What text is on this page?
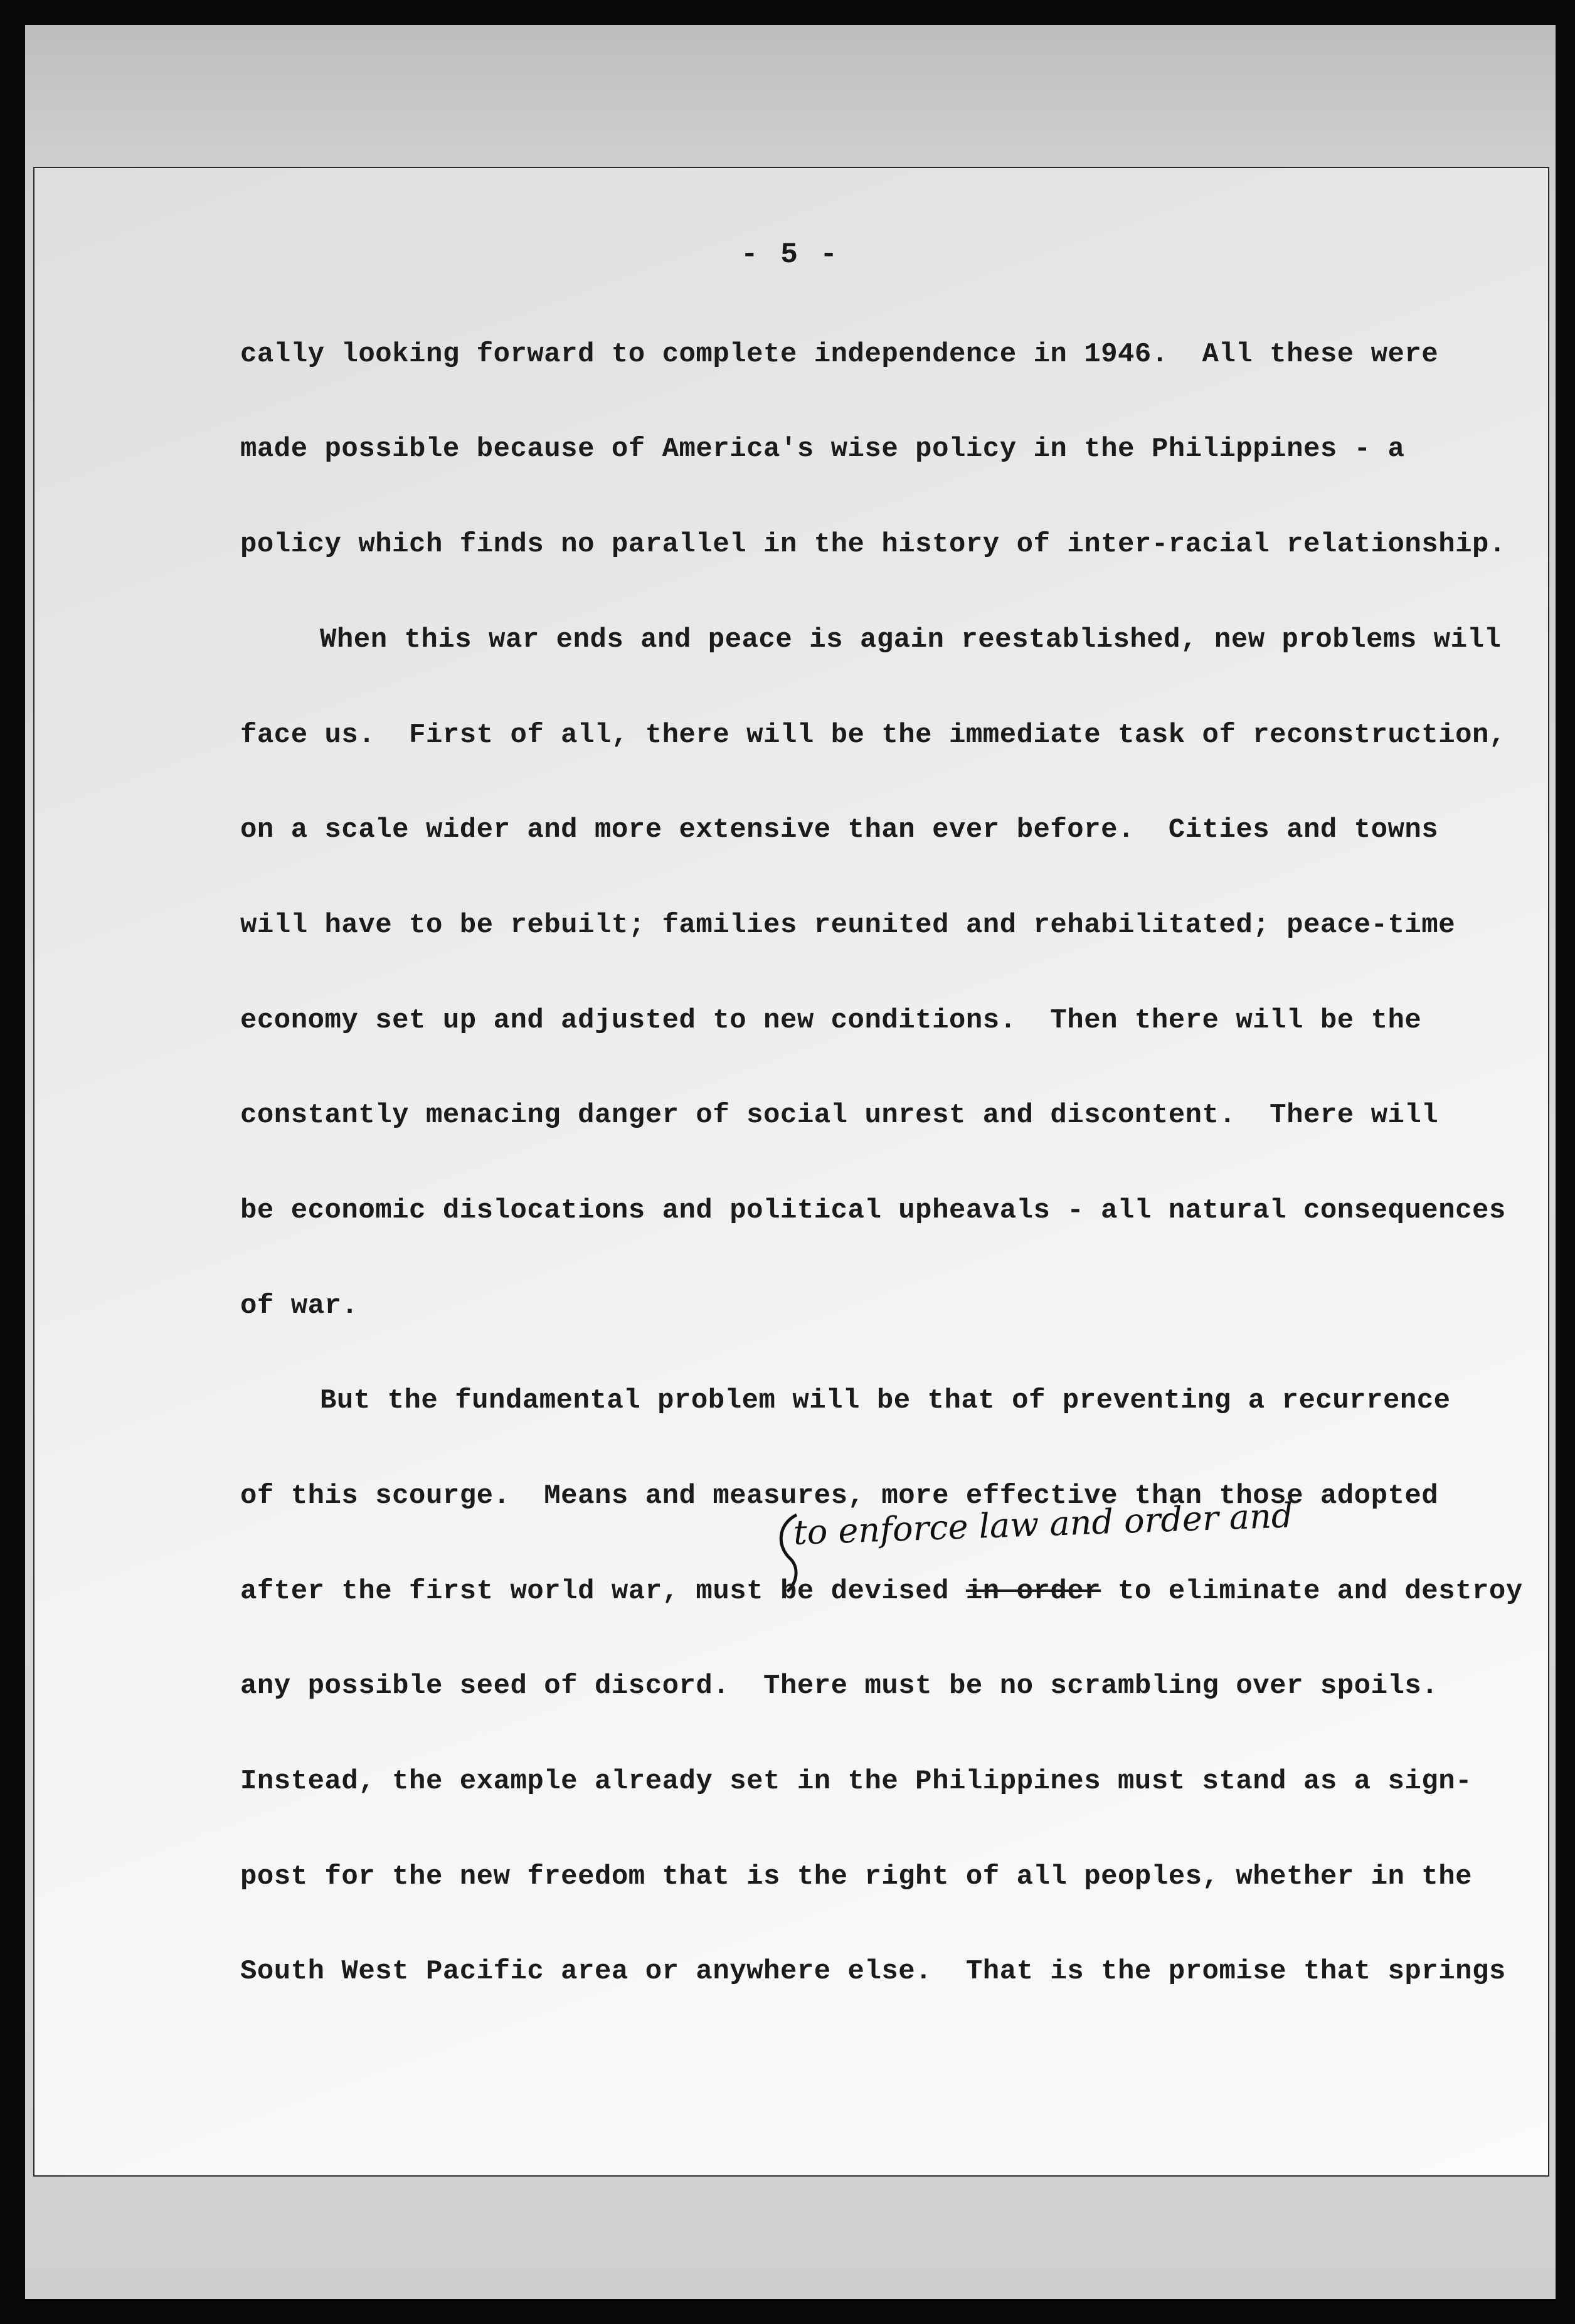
- 5 -
cally looking forward to complete independence in 1946.  All these were
made possible because of America's wise policy in the Philippines - a
policy which finds no parallel in the history of inter-racial relationship.
When this war ends and peace is again reestablished, new problems will
face us.  First of all, there will be the immediate task of reconstruction,
on a scale wider and more extensive than ever before.  Cities and towns
will have to be rebuilt; families reunited and rehabilitated; peace-time
economy set up and adjusted to new conditions.  Then there will be the
constantly menacing danger of social unrest and discontent.  There will
be economic dislocations and political upheavals - all natural consequences
of war.
But the fundamental problem will be that of preventing a recurrence
of this scourge.  Means and measures, more effective than those adopted
to enforce law and order and
after the first world war, must be devised in order to eliminate and destroy
any possible seed of discord.  There must be no scrambling over spoils.
Instead, the example already set in the Philippines must stand as a sign-
post for the new freedom that is the right of all peoples, whether in the
South West Pacific area or anywhere else.  That is the promise that springs
